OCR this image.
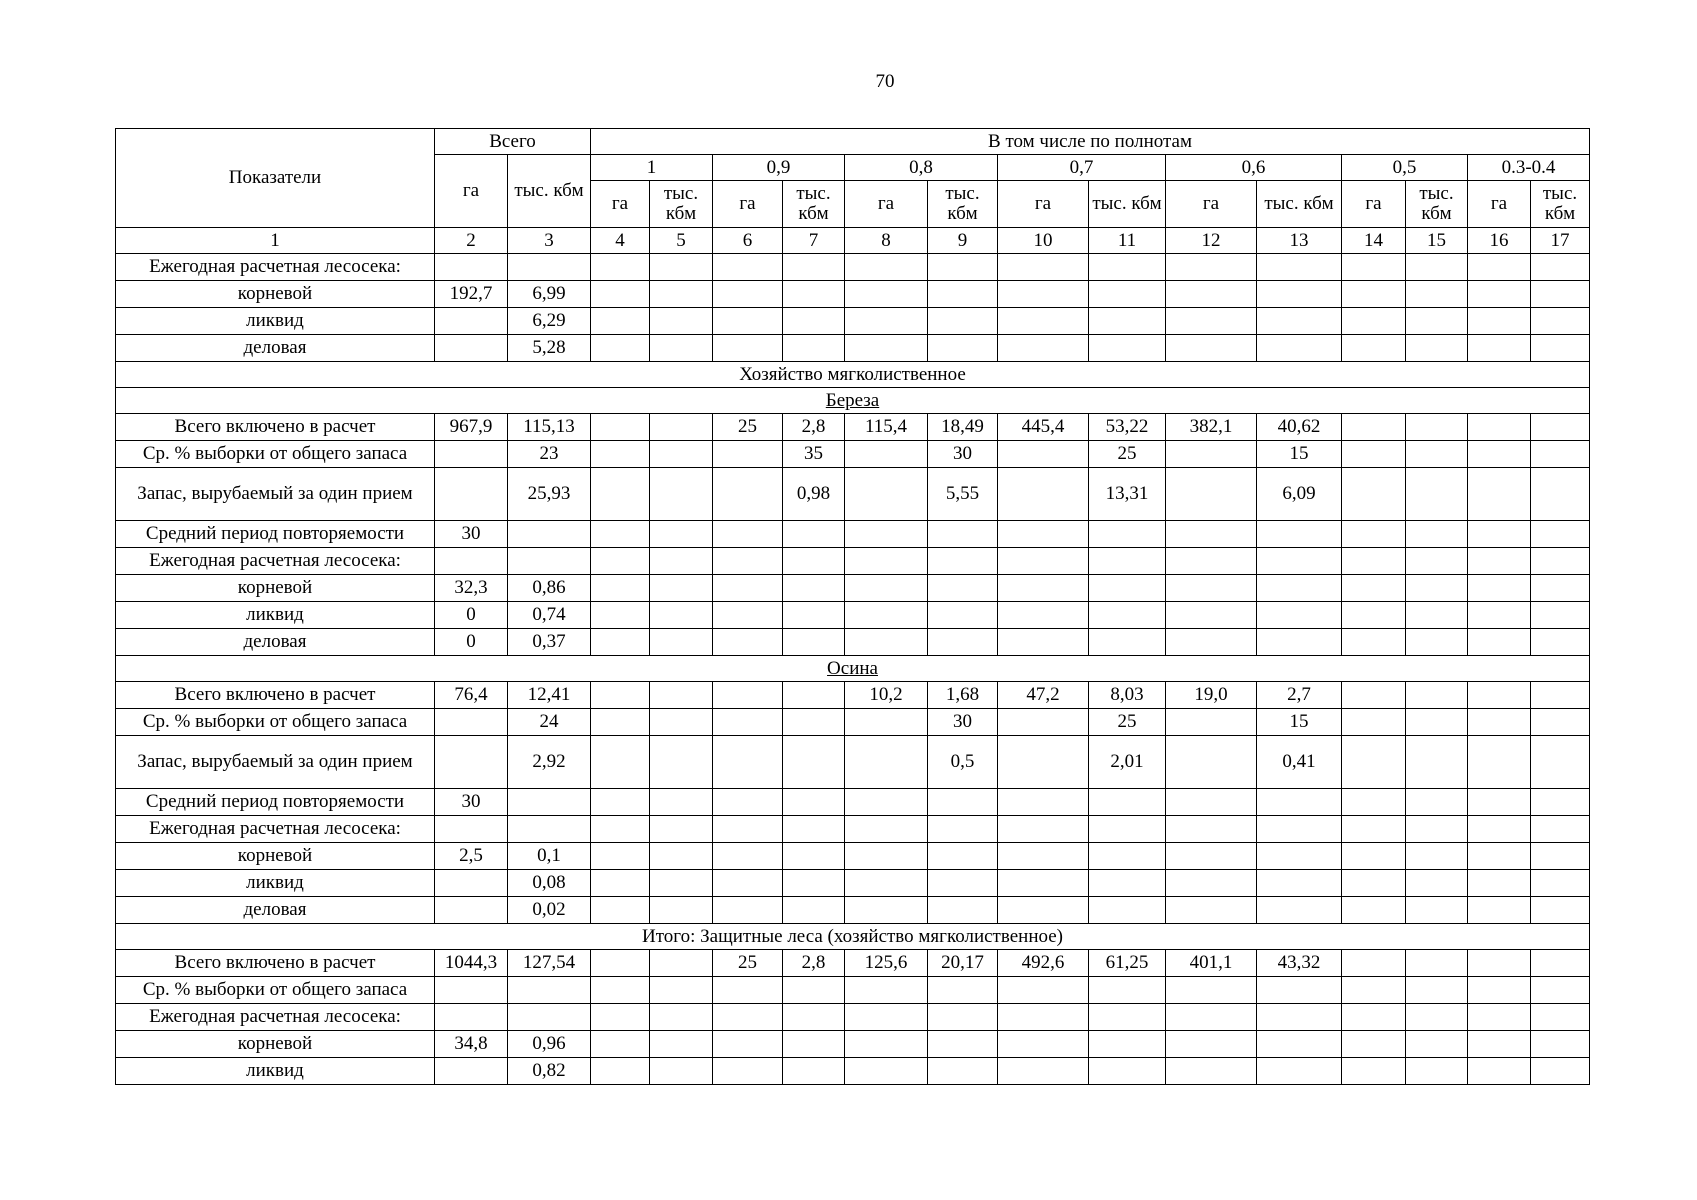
70
Показатели	Всего		В том числе по полнотам													
	га	тыс. кбм	1		0,9		0,8		0,7		0,6		0,5		0.3-0.4	
			га	тыс. кбм	га	тыс. кбм	га	тыс. кбм	га	тыс. кбм	га	тыс. кбм	га	тыс. кбм	га	тыс. кбм
1	2	3	4	5	6	7	8	9	10	11	12	13	14	15	16	17
Ежегодная расчетная лесосека:																
корневой	192,7	6,99														
ликвид		6,29														
деловая		5,28														
Хозяйство мягколиственное																
Береза																
Всего включено в расчет	967,9	115,13			25	2,8	115,4	18,49	445,4	53,22	382,1	40,62				
Ср. % выборки от общего запаса		23				35		30		25		15				
Запас, вырубаемый за один прием		25,93				0,98		5,55		13,31		6,09				
Средний период повторяемости	30															
Ежегодная расчетная лесосека:																
корневой	32,3	0,86														
ликвид	0	0,74														
деловая	0	0,37														
Осина																
Всего включено в расчет	76,4	12,41					10,2	1,68	47,2	8,03	19,0	2,7				
Ср. % выборки от общего запаса		24						30		25		15				
Запас, вырубаемый за один прием		2,92						0,5		2,01		0,41				
Средний период повторяемости	30															
Ежегодная расчетная лесосека:																
корневой	2,5	0,1														
ликвид		0,08														
деловая		0,02														
Итого: Защитные леса (хозяйство мягколиственное)																
Всего включено в расчет	1044,3	127,54			25	2,8	125,6	20,17	492,6	61,25	401,1	43,32				
Ср. % выборки от общего запаса																
Ежегодная расчетная лесосека:																
корневой	34,8	0,96														
ликвид		0,82														
